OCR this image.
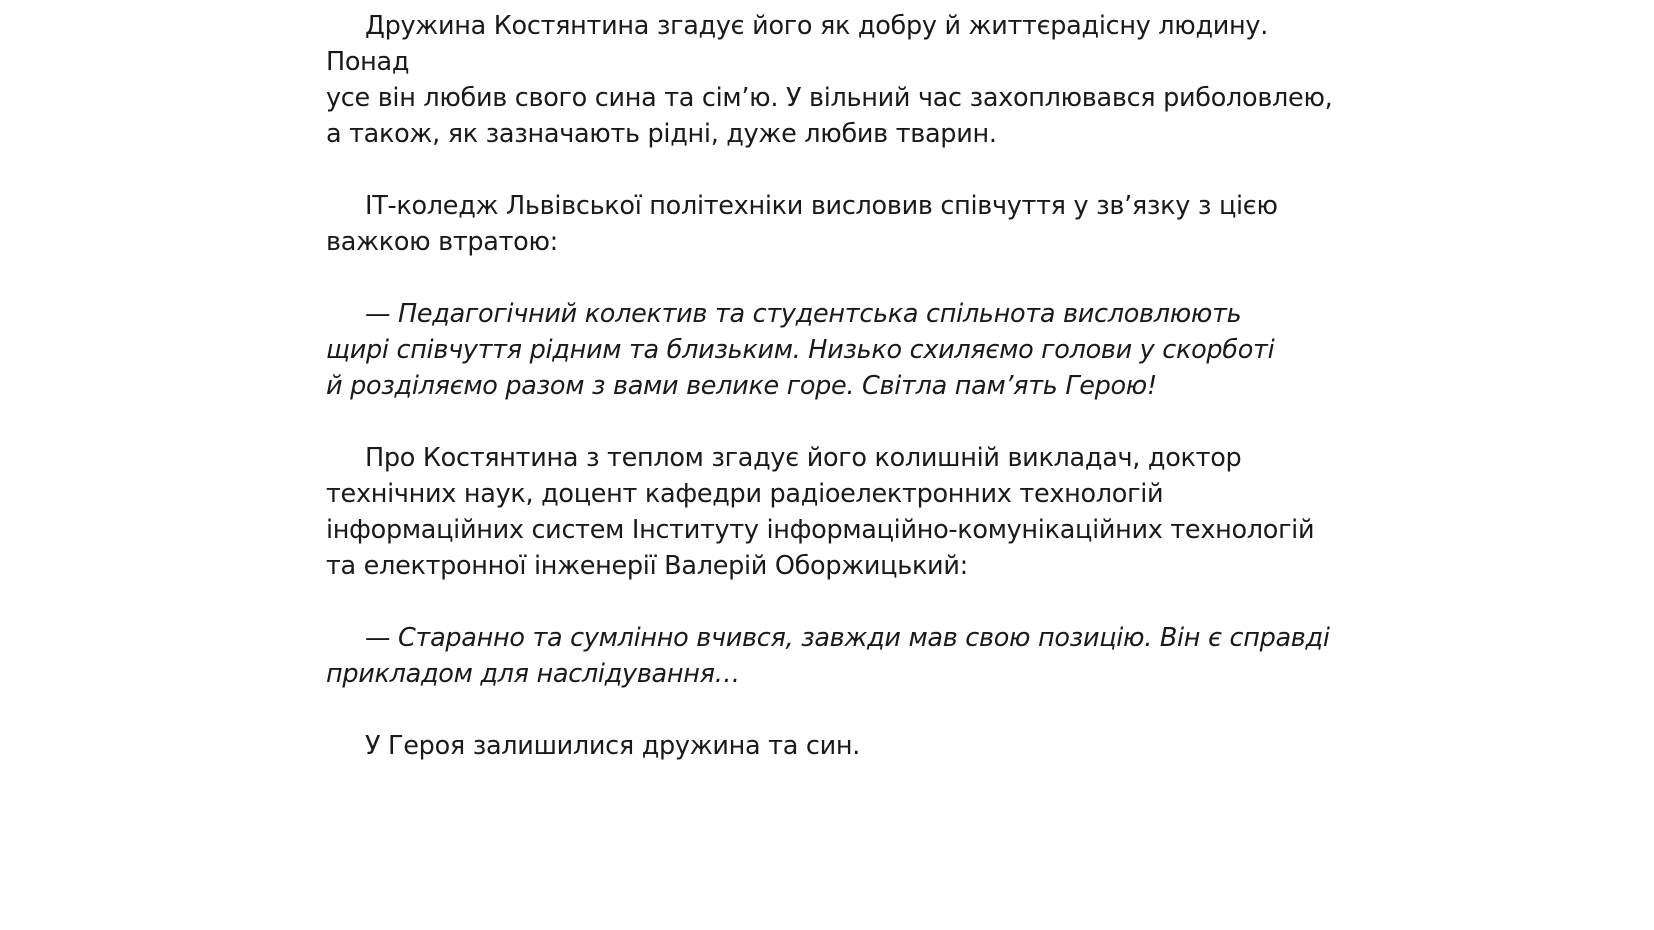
Дружина Костянтина згадує його як добру й життєрадісну людину. Понад
усе він любив свого сина та сім’ю. У вільний час захоплювався риболовлею,
а також, як зазначають рідні, дуже любив тварин.

ІТ-коледж Львівської політехніки висловив співчуття у зв’язку з цією
важкою втратою:

— Педагогічний колектив та студентська спільнота висловлюють
щирі співчуття рідним та близьким. Низько схиляємо голови у скорботі
й розділяємо разом з вами велике горе. Світла пам’ять Герою!

Про Костянтина з теплом згадує його колишній викладач, доктор
технічних наук, доцент кафедри радіоелектронних технологій
інформаційних систем Інституту інформаційно-комунікаційних технологій
та електронної інженерії Валерій Оборжицький:

— Старанно та сумлінно вчився, завжди мав свою позицію. Він є справді
прикладом для наслідування…

У Героя залишилися дружина та син.
